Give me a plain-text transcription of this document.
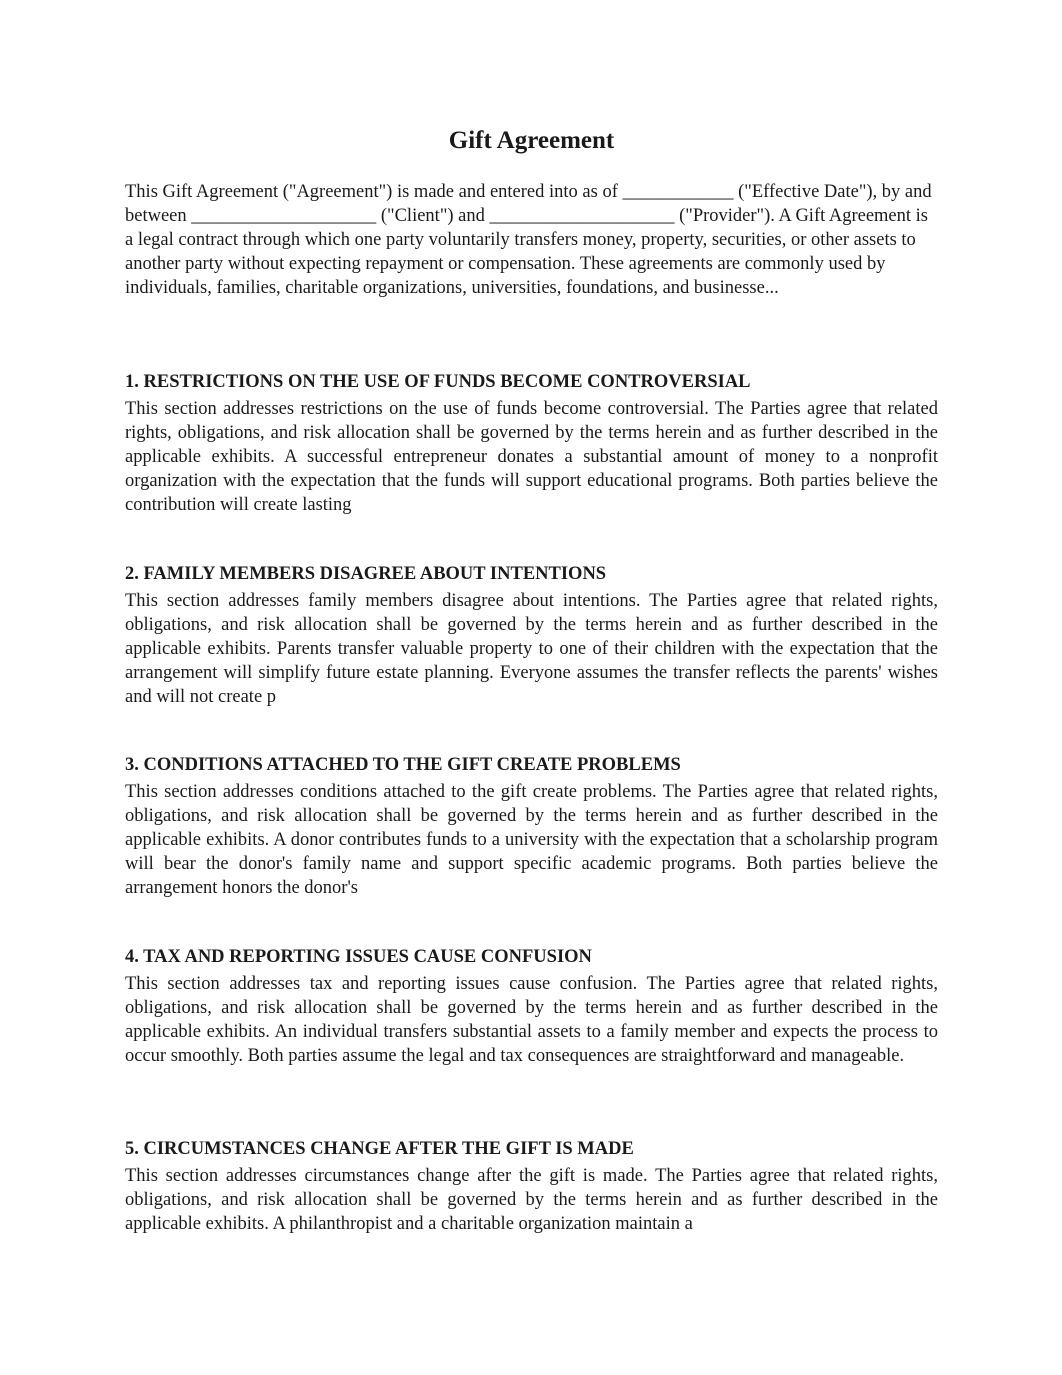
Gift Agreement

This Gift Agreement ("Agreement") is made and entered into as of ____________ ("Effective Date"), by and between ____________________ ("Client") and ____________________ ("Provider"). A Gift Agreement is a legal contract through which one party voluntarily transfers money, property, securities, or other assets to another party without expecting repayment or compensation. These agreements are commonly used by individuals, families, charitable organizations, universities, foundations, and businesse...

1. RESTRICTIONS ON THE USE OF FUNDS BECOME CONTROVERSIAL

This section addresses restrictions on the use of funds become controversial. The Parties agree that related rights, obligations, and risk allocation shall be governed by the terms herein and as further described in the applicable exhibits. A successful entrepreneur donates a substantial amount of money to a nonprofit organization with the expectation that the funds will support educational programs. Both parties believe the contribution will create lasting

2. FAMILY MEMBERS DISAGREE ABOUT INTENTIONS

This section addresses family members disagree about intentions. The Parties agree that related rights, obligations, and risk allocation shall be governed by the terms herein and as further described in the applicable exhibits. Parents transfer valuable property to one of their children with the expectation that the arrangement will simplify future estate planning. Everyone assumes the transfer reflects the parents' wishes and will not create p

3. CONDITIONS ATTACHED TO THE GIFT CREATE PROBLEMS

This section addresses conditions attached to the gift create problems. The Parties agree that related rights, obligations, and risk allocation shall be governed by the terms herein and as further described in the applicable exhibits. A donor contributes funds to a university with the expectation that a scholarship program will bear the donor's family name and support specific academic programs. Both parties believe the arrangement honors the donor's

4. TAX AND REPORTING ISSUES CAUSE CONFUSION

This section addresses tax and reporting issues cause confusion. The Parties agree that related rights, obligations, and risk allocation shall be governed by the terms herein and as further described in the applicable exhibits. An individual transfers substantial assets to a family member and expects the process to occur smoothly. Both parties assume the legal and tax consequences are straightforward and manageable.

5. CIRCUMSTANCES CHANGE AFTER THE GIFT IS MADE

This section addresses circumstances change after the gift is made. The Parties agree that related rights, obligations, and risk allocation shall be governed by the terms herein and as further described in the applicable exhibits. A philanthropist and a charitable organization maintain a
